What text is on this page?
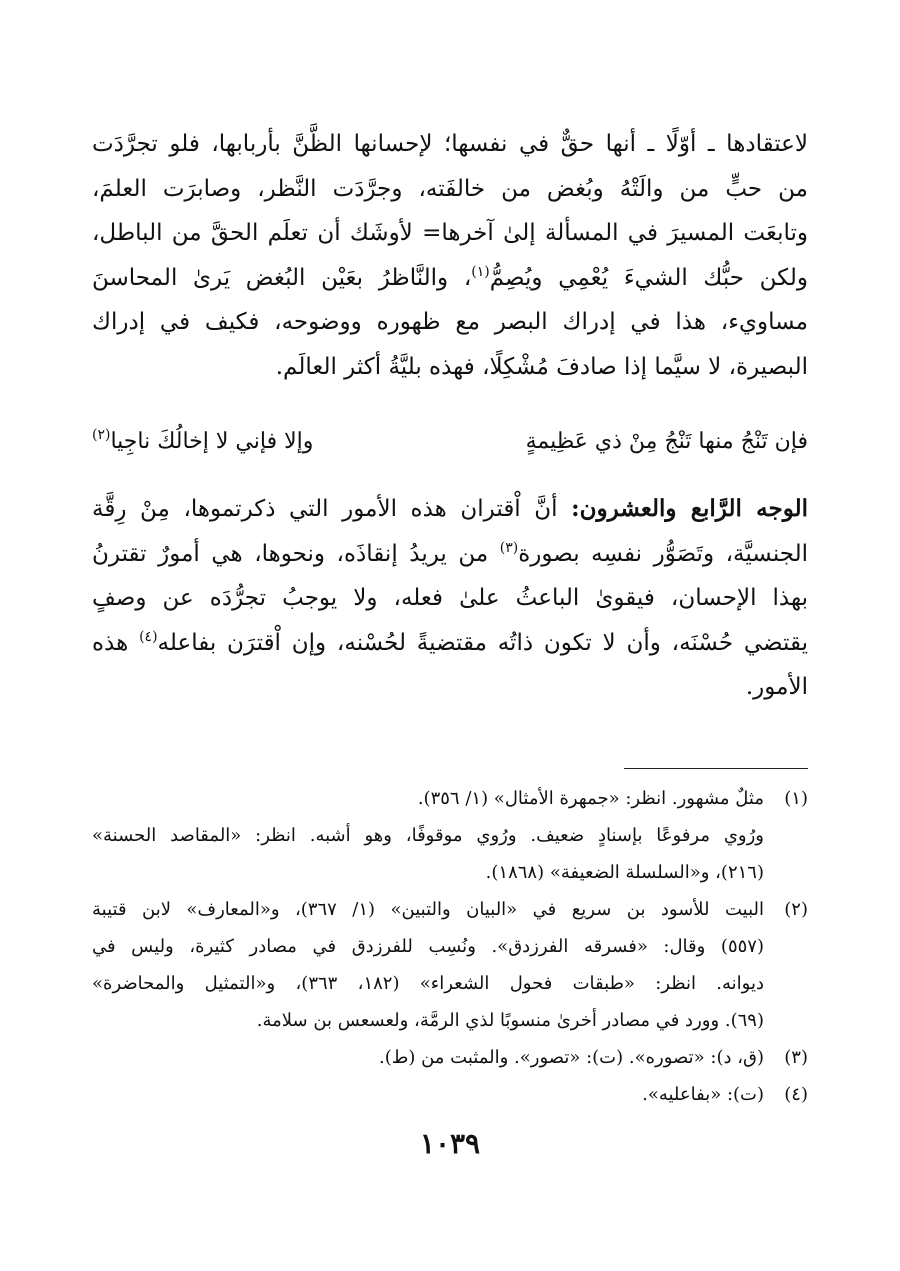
لاعتقادها ـ أوّلًا ـ أنها حقٌّ في نفسها؛ لإحسانها الظَّنَّ بأربابها، فلو تجرَّدَت
من حبٍّ من والَتْهُ وبُغض من خالفَته، وجرَّدَت النَّظر، وصابرَت العلمَ،
وتابعَت المسيرَ في المسألة إلىٰ آخرها= لأوشَك أن تعلَم الحقَّ من الباطل،
ولكن حبُّك الشيءَ يُعْمِي ويُصِمُّ$^{(١)}$، والنَّاظرُ بعَيْن البُغض يَرىٰ المحاسنَ
مساويء، هذا في إدراك البصر مع ظهوره ووضوحه، فكيف في إدراك
البصيرة، لا سيَّما إذا صادفَ مُشْكِلًا، فهذه بليَّةُ أكثر العالَم.
فإن تَنْجُ منها تَنْجُ مِنْ ذي عَظِيمةٍ
وإلا فإني لا إخالُكَ ناجِيا$^{(٢)}$
الوجه الرَّابع والعشرون: أنَّ اْقتران هذه الأمور التي ذكرتموها، مِنْ رِقَّة
الجنسيَّة، وتَصَوُّر نفسِه بصورة$^{(٣)}$ من يريدُ إنقاذَه، ونحوها، هي أمورٌ تقترنُ
بهذا الإحسان، فيقوىٰ الباعثُ علىٰ فعله، ولا يوجبُ تجرُّدَه عن وصفٍ
يقتضي حُسْنَه، وأن لا تكون ذاتُه مقتضيةً لحُسْنه، وإن اْقترَن بفاعله$^{(٤)}$ هذه
الأمور.
(١)
مثلٌ مشهور. انظر: «جمهرة الأمثال» (١/ ٣٥٦).
ورُوي مرفوعًا بإسنادٍ ضعيف. ورُوي موقوفًا، وهو أشبه. انظر: «المقاصد الحسنة»
(٢١٦)، و«السلسلة الضعيفة» (١٨٦٨).
(٢)
البيت للأسود بن سريع في «البيان والتبين» (١/ ٣٦٧)، و«المعارف» لابن قتيبة
(٥٥٧) وقال: «فسرقه الفرزدق». ونُسِب للفرزدق في مصادر كثيرة، وليس في
ديوانه. انظر: «طبقات فحول الشعراء» (١٨٢، ٣٦٣)، و«التمثيل والمحاضرة»
(٦٩). وورد في مصادر أخرىٰ منسوبًا لذي الرمَّة، ولعسعس بن سلامة.
(٣)
(ق، د): «تصوره». (ت): «تصور». والمثبت من (ط).
(٤)
(ت): «بفاعليه».
١٠٣٩
